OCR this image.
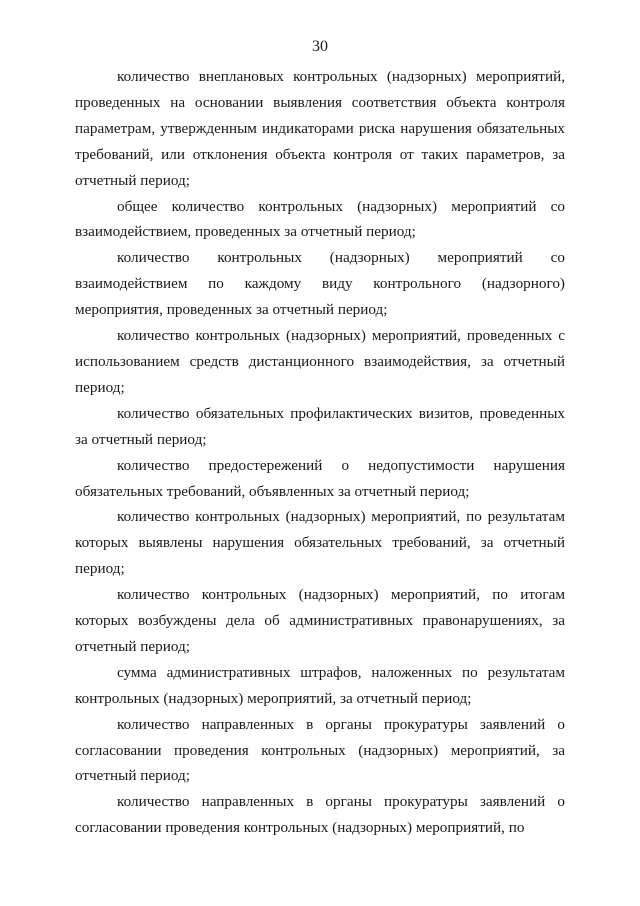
30

количество внеплановых контрольных (надзорных) мероприятий, проведенных на основании выявления соответствия объекта контроля параметрам, утвержденным индикаторами риска нарушения обязательных требований, или отклонения объекта контроля от таких параметров, за отчетный период;

общее количество контрольных (надзорных) мероприятий со взаимодействием, проведенных за отчетный период;

количество контрольных (надзорных) мероприятий со взаимодействием по каждому виду контрольного (надзорного) мероприятия, проведенных за отчетный период;

количество контрольных (надзорных) мероприятий, проведенных с использованием средств дистанционного взаимодействия, за отчетный период;

количество обязательных профилактических визитов, проведенных за отчетный период;

количество предостережений о недопустимости нарушения обязательных требований, объявленных за отчетный период;

количество контрольных (надзорных) мероприятий, по результатам которых выявлены нарушения обязательных требований, за отчетный период;

количество контрольных (надзорных) мероприятий, по итогам которых возбуждены дела об административных правонарушениях, за отчетный период;

сумма административных штрафов, наложенных по результатам контрольных (надзорных) мероприятий, за отчетный период;

количество направленных в органы прокуратуры заявлений о согласовании проведения контрольных (надзорных) мероприятий, за отчетный период;

количество направленных в органы прокуратуры заявлений о согласовании проведения контрольных (надзорных) мероприятий, по
